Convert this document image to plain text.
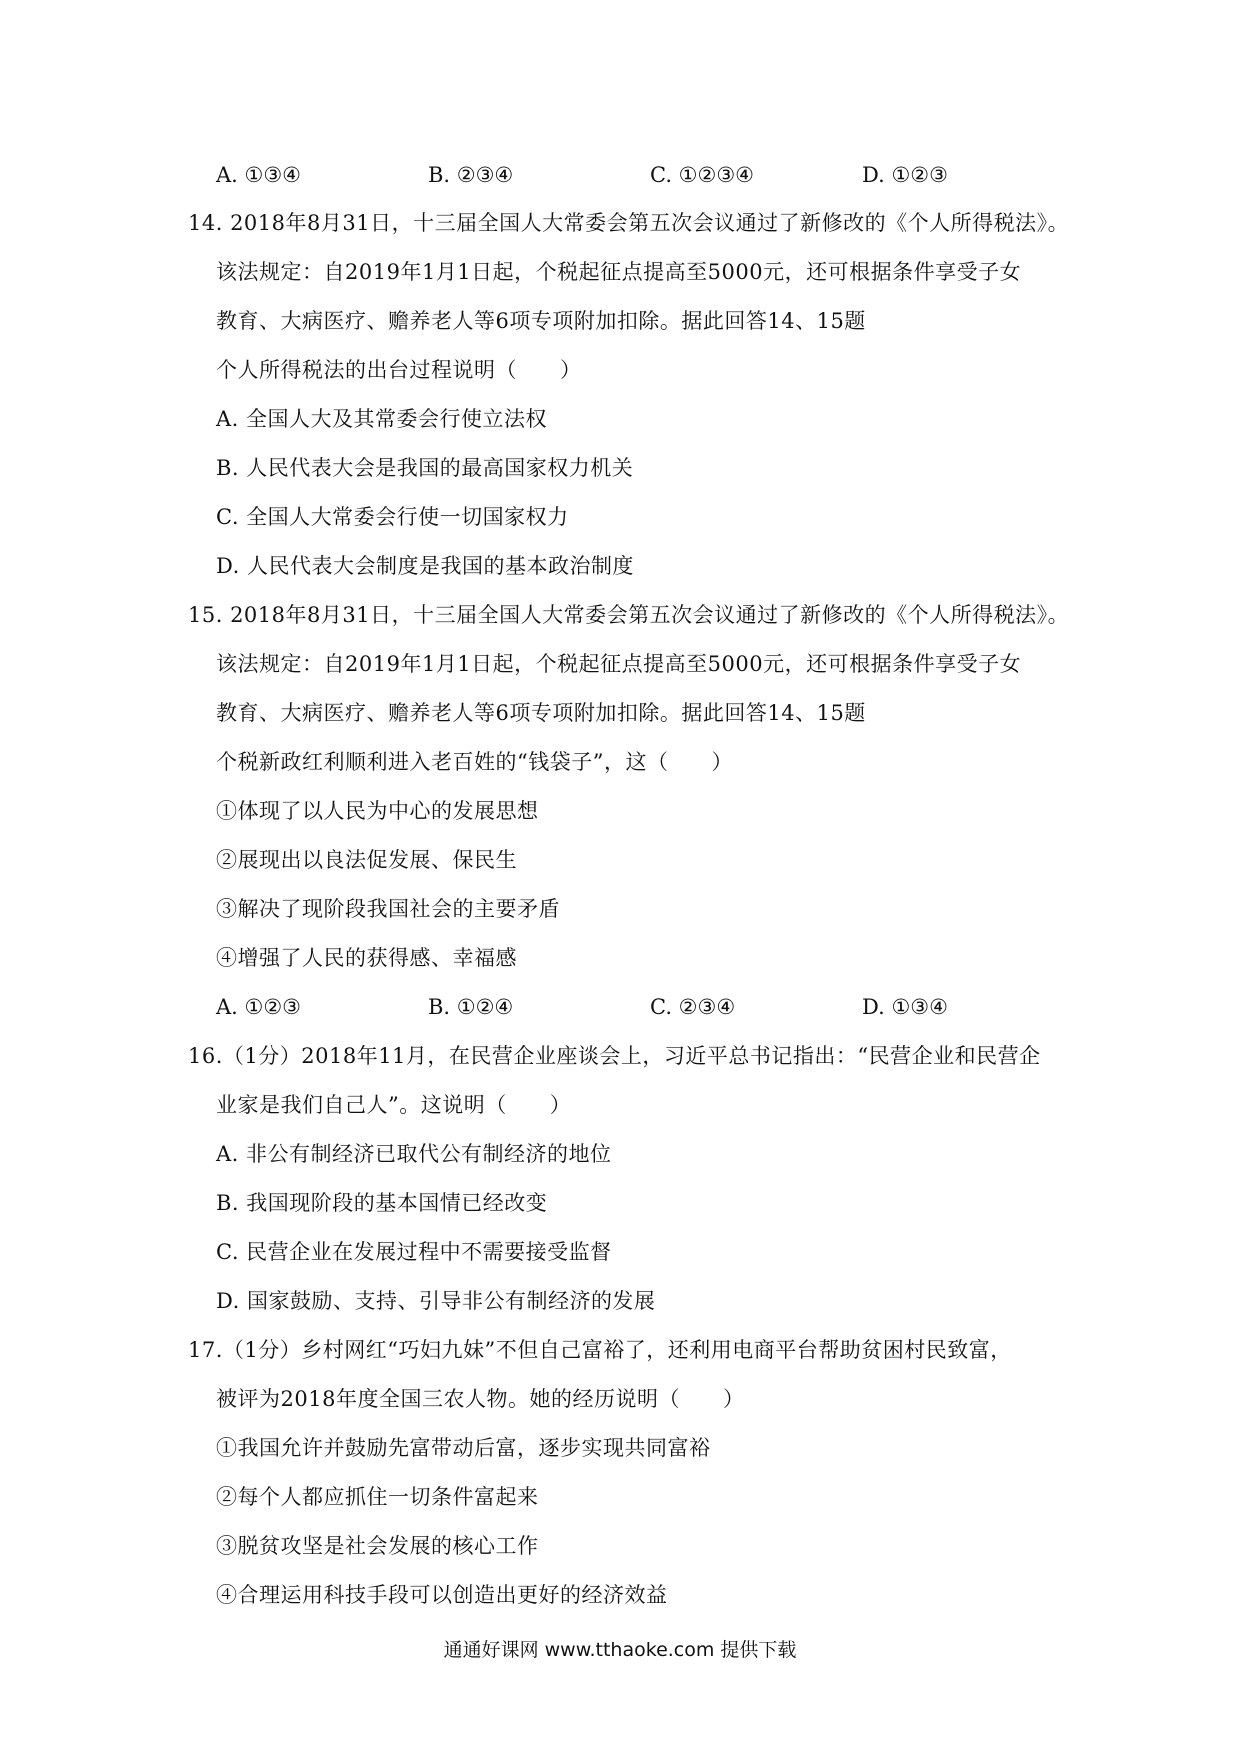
A. ①③④	B. ②③④	C. ①②③④	D. ①②③
14. 2018年8月31日，十三届全国人大常委会第五次会议通过了新修改的《个人所得税法》。
该法规定：自2019年1月1日起，个税起征点提高至5000元，还可根据条件享受子女
教育、大病医疗、赡养老人等6项专项附加扣除。据此回答14、15题
个人所得税法的出台过程说明（　　）
A. 全国人大及其常委会行使立法权
B. 人民代表大会是我国的最高国家权力机关
C. 全国人大常委会行使一切国家权力
D. 人民代表大会制度是我国的基本政治制度
15. 2018年8月31日，十三届全国人大常委会第五次会议通过了新修改的《个人所得税法》。
该法规定：自2019年1月1日起，个税起征点提高至5000元，还可根据条件享受子女
教育、大病医疗、赡养老人等6项专项附加扣除。据此回答14、15题
个税新政红利顺利进入老百姓的“钱袋子”，这（　　）
①体现了以人民为中心的发展思想
②展现出以良法促发展、保民生
③解决了现阶段我国社会的主要矛盾
④增强了人民的获得感、幸福感
A. ①②③	B. ①②④	C. ②③④	D. ①③④
16.（1分）2018年11月，在民营企业座谈会上，习近平总书记指出：“民营企业和民营企
业家是我们自己人”。这说明（　　）
A. 非公有制经济已取代公有制经济的地位
B. 我国现阶段的基本国情已经改变
C. 民营企业在发展过程中不需要接受监督
D. 国家鼓励、支持、引导非公有制经济的发展
17.（1分）乡村网红“巧妇九妹”不但自己富裕了，还利用电商平台帮助贫困村民致富，
被评为2018年度全国三农人物。她的经历说明（　　）
①我国允许并鼓励先富带动后富，逐步实现共同富裕
②每个人都应抓住一切条件富起来
③脱贫攻坚是社会发展的核心工作
④合理运用科技手段可以创造出更好的经济效益
通通好课网 www.tthaoke.com 提供下载
